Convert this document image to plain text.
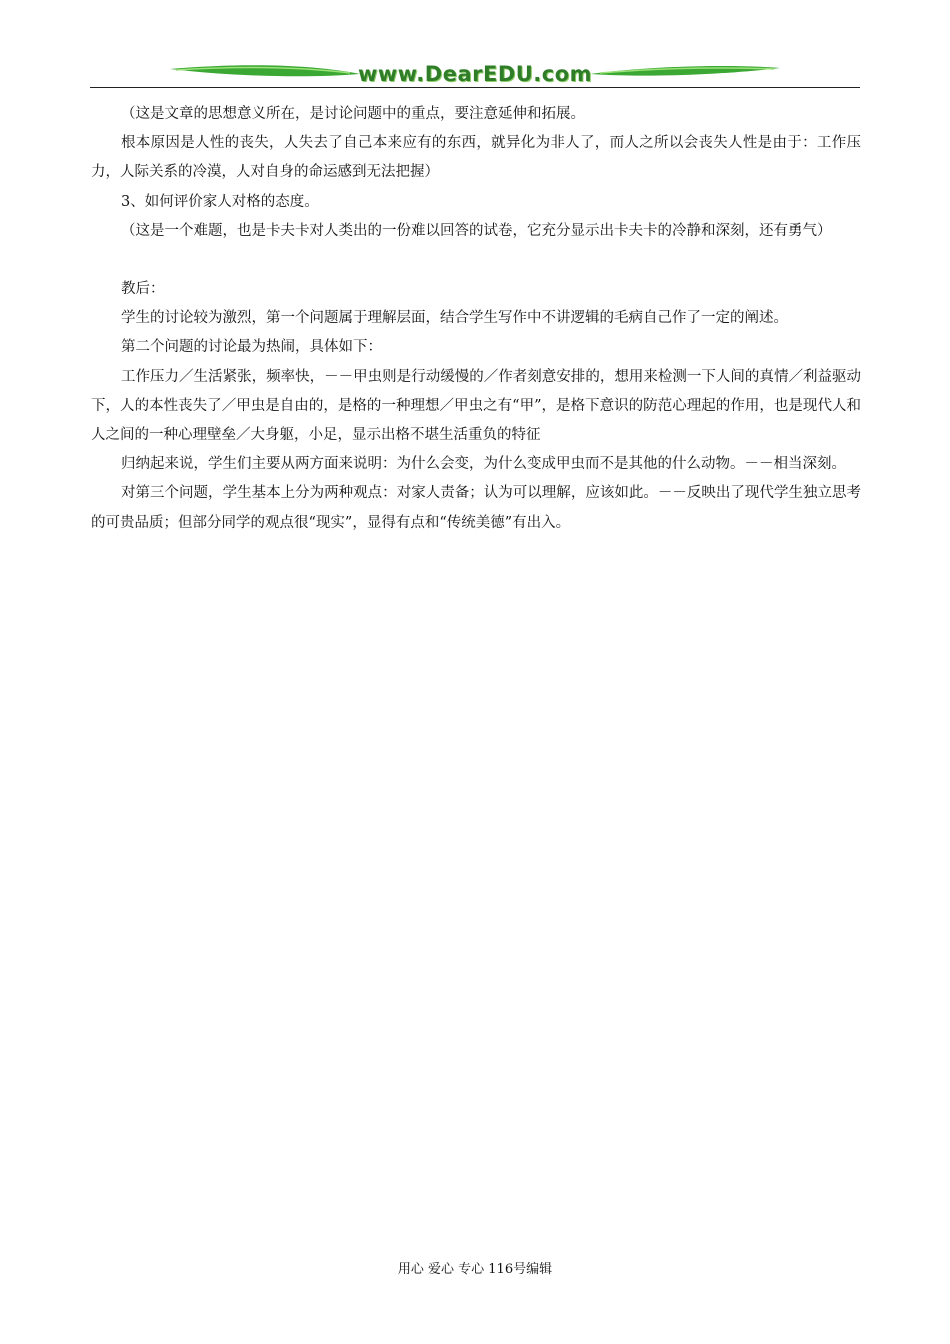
www.DearEDU.com

（这是文章的思想意义所在，是讨论问题中的重点，要注意延伸和拓展。

根本原因是人性的丧失，人失去了自己本来应有的东西，就异化为非人了，而人之所以会丧失人性是由于：工作压力，人际关系的冷漠，人对自身的命运感到无法把握）

3、如何评价家人对格的态度。

（这是一个难题，也是卡夫卡对人类出的一份难以回答的试卷，它充分显示出卡夫卡的冷静和深刻，还有勇气）

教后：

学生的讨论较为激烈，第一个问题属于理解层面，结合学生写作中不讲逻辑的毛病自己作了一定的阐述。

第二个问题的讨论最为热闹，具体如下：

工作压力／生活紧张，频率快，－－甲虫则是行动缓慢的／作者刻意安排的，想用来检测一下人间的真情／利益驱动下，人的本性丧失了／甲虫是自由的，是格的一种理想／甲虫之有“甲”，是格下意识的防范心理起的作用，也是现代人和人之间的一种心理壁垒／大身躯，小足，显示出格不堪生活重负的特征

归纳起来说，学生们主要从两方面来说明：为什么会变，为什么变成甲虫而不是其他的什么动物。－－相当深刻。

对第三个问题，学生基本上分为两种观点：对家人责备；认为可以理解，应该如此。－－反映出了现代学生独立思考的可贵品质；但部分同学的观点很“现实”，显得有点和“传统美德”有出入。

用心 爱心 专心 116号编辑
